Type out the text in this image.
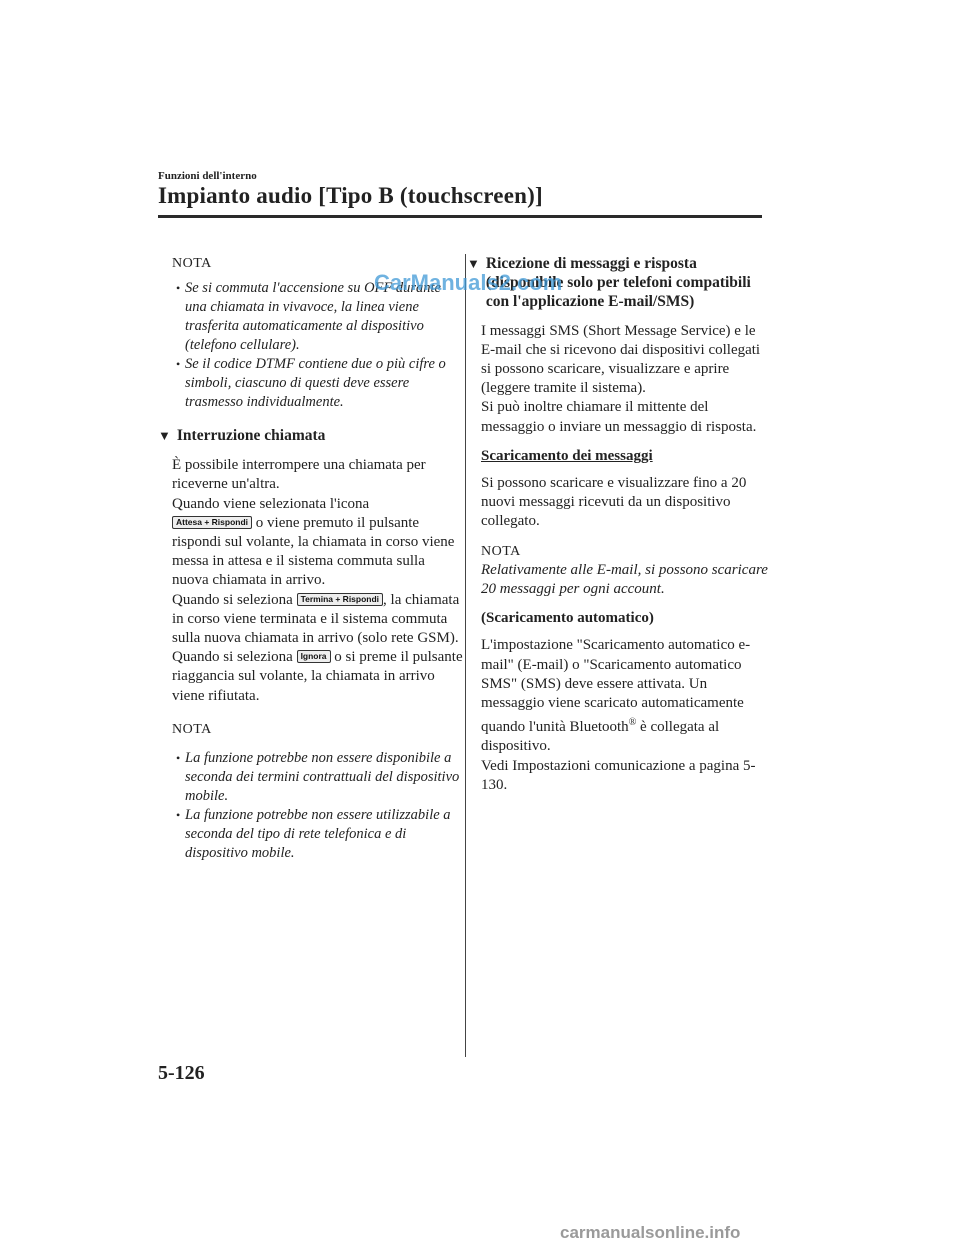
Funzioni dell'interno
Impianto audio [Tipo B (touchscreen)]

NOTA

• Se si commuta l'accensione su OFF durante una chiamata in vivavoce, la linea viene trasferita automaticamente al dispositivo (telefono cellulare).
• Se il codice DTMF contiene due o più cifre o simboli, ciascuno di questi deve essere trasmesso individualmente.
▼ Interruzione chiamata

È possibile interrompere una chiamata per riceverne un'altra.
Quando viene selezionata l'icona
Attesa + Rispondi o viene premuto il pulsante rispondi sul volante, la chiamata in corso viene messa in attesa e il sistema commuta sulla nuova chiamata in arrivo.
Quando si seleziona Termina + Rispondi , la chiamata in corso viene terminata e il sistema commuta sulla nuova chiamata in arrivo (solo rete GSM).
Quando si seleziona Ignora o si preme il pulsante riaggancia sul volante, la chiamata in arrivo viene rifiutata.

NOTA

• La funzione potrebbe non essere disponibile a seconda dei termini contrattuali del dispositivo mobile.
• La funzione potrebbe non essere utilizzabile a seconda del tipo di rete telefonica e di dispositivo mobile.
▼ Ricezione di messaggi e risposta (disponibile solo per telefoni compatibili con l'applicazione E-mail/SMS)

I messaggi SMS (Short Message Service) e le E-mail che si ricevono dai dispositivi collegati si possono scaricare, visualizzare e aprire (leggere tramite il sistema).
Si può inoltre chiamare il mittente del messaggio o inviare un messaggio di risposta.

Scaricamento dei messaggi

Si possono scaricare e visualizzare fino a 20 nuovi messaggi ricevuti da un dispositivo collegato.

NOTA

Relativamente alle E-mail, si possono scaricare 20 messaggi per ogni account.

(Scaricamento automatico)

L'impostazione "Scaricamento automatico e-mail" (E-mail) o "Scaricamento automatico SMS" (SMS) deve essere attivata. Un messaggio viene scaricato automaticamente quando l'unità Bluetooth® è collegata al dispositivo.
Vedi Impostazioni comunicazione a pagina 5-130.

CarManuals2.com
5-126
carmanualsonline.info
